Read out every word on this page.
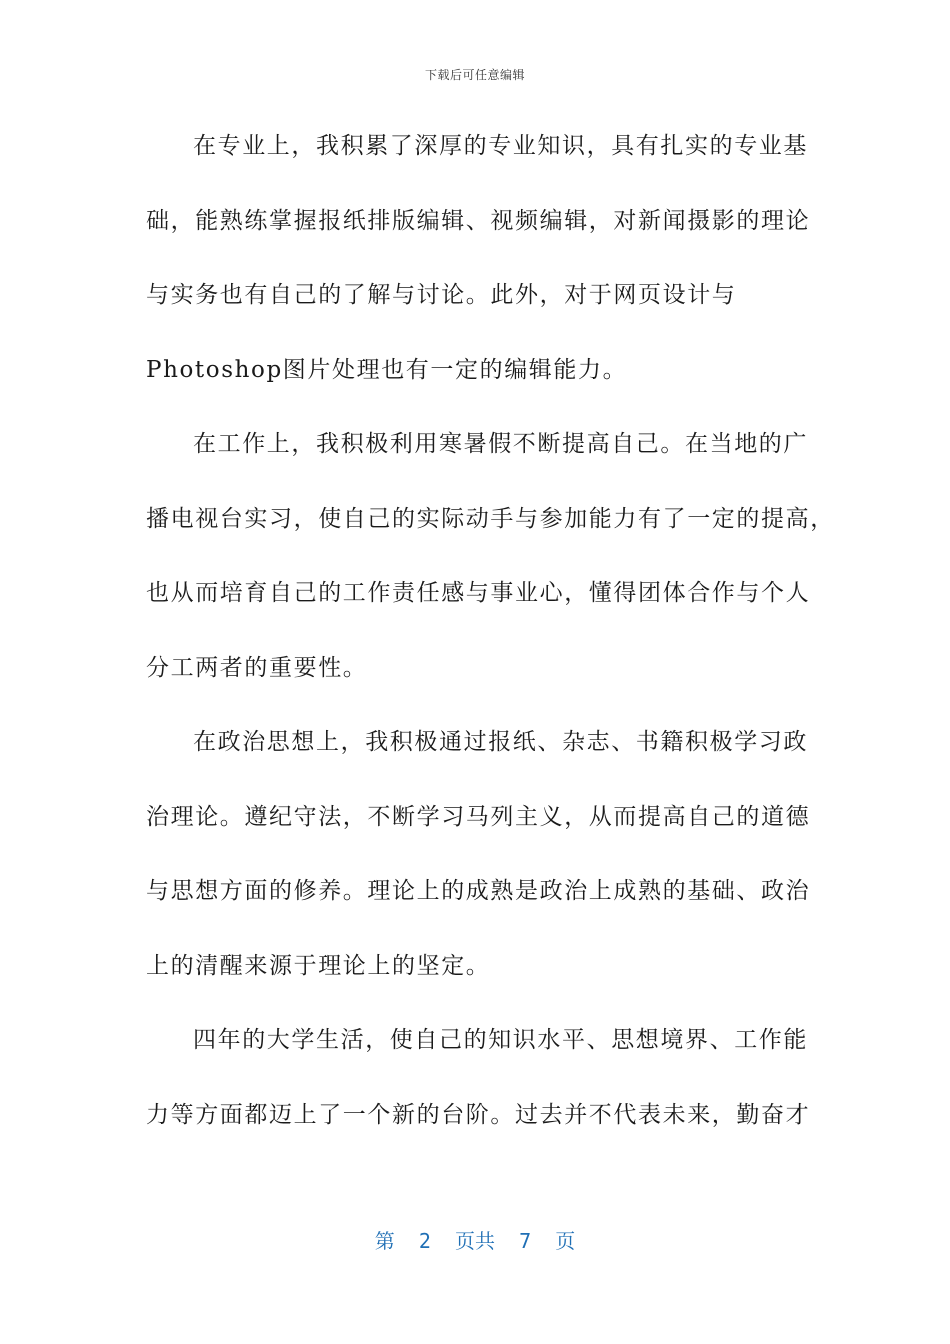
下载后可任意编辑
在专业上，我积累了深厚的专业知识，具有扎实的专业基
础，能熟练掌握报纸排版编辑、视频编辑，对新闻摄影的理论
与实务也有自己的了解与讨论。此外，对于网页设计与
Photoshop图片处理也有一定的编辑能力。
在工作上，我积极利用寒暑假不断提高自己。在当地的广
播电视台实习，使自己的实际动手与参加能力有了一定的提高，
也从而培育自己的工作责任感与事业心，懂得团体合作与个人
分工两者的重要性。
在政治思想上，我积极通过报纸、杂志、书籍积极学习政
治理论。遵纪守法，不断学习马列主义，从而提高自己的道德
与思想方面的修养。理论上的成熟是政治上成熟的基础、政治
上的清醒来源于理论上的坚定。
四年的大学生活，使自己的知识水平、思想境界、工作能
力等方面都迈上了一个新的台阶。过去并不代表未来，勤奋才
第  2  页共  7  页
